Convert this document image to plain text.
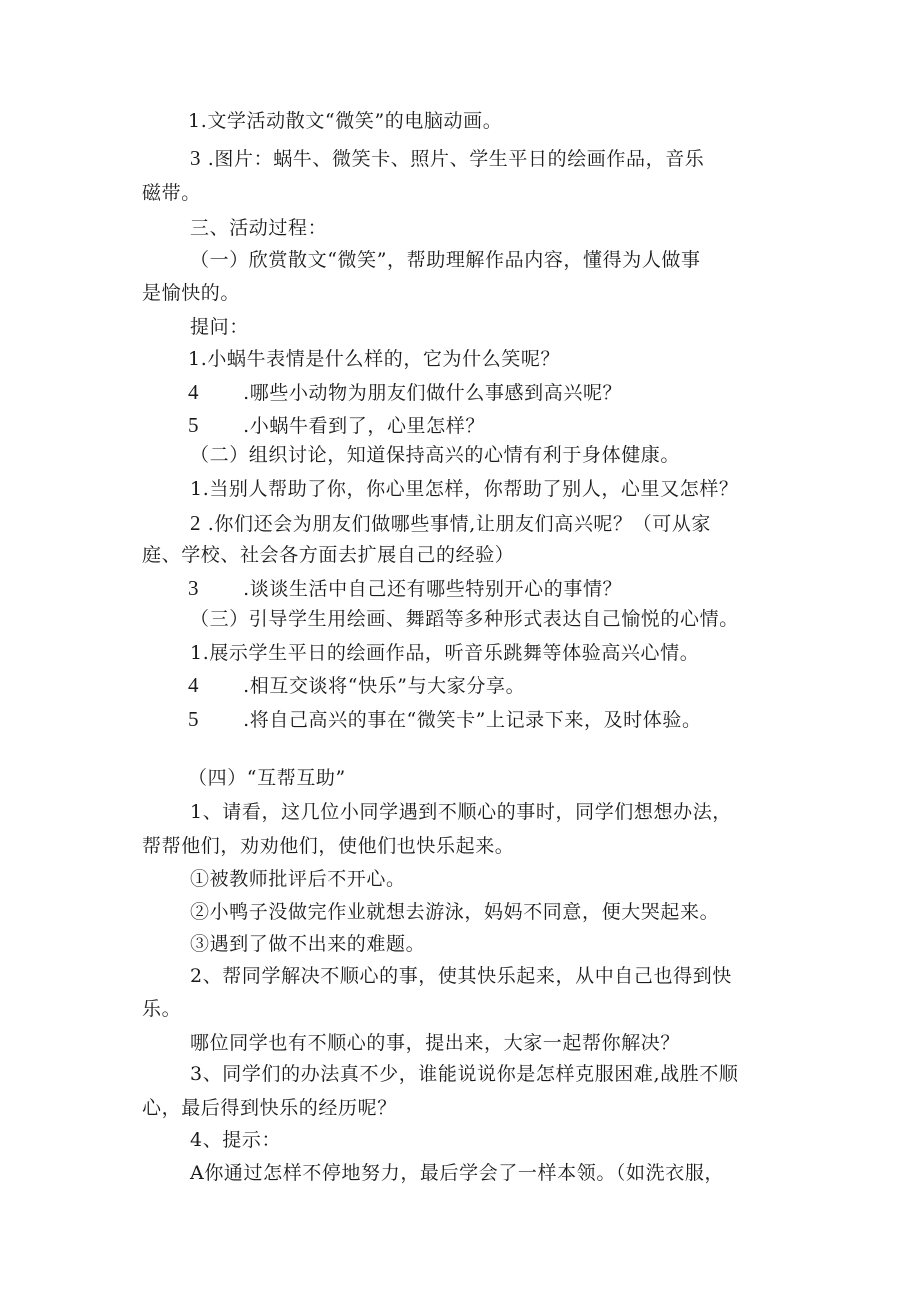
1.文学活动散文“微笑”的电脑动画。

3 .图片：蜗牛、微笑卡、照片、学生平日的绘画作品，音乐

磁带。

三、活动过程：

（一）欣赏散文“微笑”，帮助理解作品内容，懂得为人做事

是愉快的。

提问：

1.小蜗牛表情是什么样的，它为什么笑呢？

4 .哪些小动物为朋友们做什么事感到高兴呢？

5 .小蜗牛看到了，心里怎样？

（二）组织讨论，知道保持高兴的心情有利于身体健康。

1.当别人帮助了你，你心里怎样，你帮助了别人，心里又怎样？

2 .你们还会为朋友们做哪些事情,让朋友们高兴呢？（可从家

庭、学校、社会各方面去扩展自己的经验）

3 .谈谈生活中自己还有哪些特别开心的事情？

（三）引导学生用绘画、舞蹈等多种形式表达自己愉悦的心情。

1.展示学生平日的绘画作品，听音乐跳舞等体验高兴心情。

4 .相互交谈将“快乐”与大家分享。

5 .将自己高兴的事在“微笑卡”上记录下来，及时体验。

（四）“互帮互助”

1、请看，这几位小同学遇到不顺心的事时，同学们想想办法，

帮帮他们，劝劝他们，使他们也快乐起来。

①被教师批评后不开心。

②小鸭子没做完作业就想去游泳，妈妈不同意，便大哭起来。

③遇到了做不出来的难题。

2、帮同学解决不顺心的事，使其快乐起来，从中自己也得到快

乐。

哪位同学也有不顺心的事，提出来，大家一起帮你解决？

3、同学们的办法真不少，谁能说说你是怎样克服困难,战胜不顺

心，最后得到快乐的经历呢？

4、提示：

A你通过怎样不停地努力，最后学会了一样本领。（如洗衣服，
